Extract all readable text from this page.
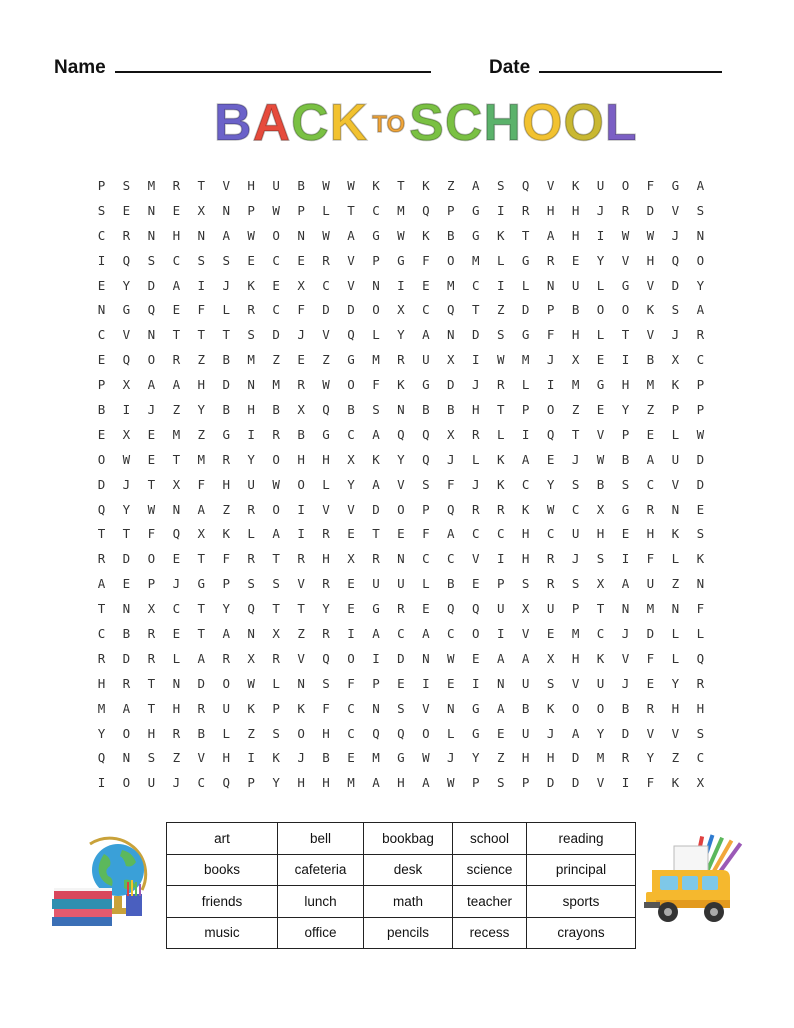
Name	Date
BACK TOSCHOOL
P	S	M	R	T	V	H	U	B	W	W	K	T	K	Z	A	S	Q	V	K	U	O	F	G	A
S	E	N	E	X	N	P	W	P	L	T	C	M	Q	P	G	I	R	H	H	J	R	D	V	S
C	R	N	H	N	A	W	O	N	W	A	G	W	K	B	G	K	T	A	H	I	W	W	J	N
I	Q	S	C	S	S	E	C	E	R	V	P	G	F	O	M	L	G	R	E	Y	V	H	Q	O
E	Y	D	A	I	J	K	E	X	C	V	N	I	E	M	C	I	L	N	U	L	G	V	D	Y
N	G	Q	E	F	L	R	C	F	D	D	O	X	C	Q	T	Z	D	P	B	O	O	K	S	A
C	V	N	T	T	T	S	D	J	V	Q	L	Y	A	N	D	S	G	F	H	L	T	V	J	R
E	Q	O	R	Z	B	M	Z	E	Z	G	M	R	U	X	I	W	M	J	X	E	I	B	X	C
P	X	A	A	H	D	N	M	R	W	O	F	K	G	D	J	R	L	I	M	G	H	M	K	P
B	I	J	Z	Y	B	H	B	X	Q	B	S	N	B	B	H	T	P	O	Z	E	Y	Z	P	P
E	X	E	M	Z	G	I	R	B	G	C	A	Q	Q	X	R	L	I	Q	T	V	P	E	L	W
O	W	E	T	M	R	Y	O	H	H	X	K	Y	Q	J	L	K	A	E	J	W	B	A	U	D
D	J	T	X	F	H	U	W	O	L	Y	A	V	S	F	J	K	C	Y	S	B	S	C	V	D
Q	Y	W	N	A	Z	R	O	I	V	V	D	O	P	Q	R	R	K	W	C	X	G	R	N	E
T	T	F	Q	X	K	L	A	I	R	E	T	E	F	A	C	C	H	C	U	H	E	H	K	S
R	D	O	E	T	F	R	T	R	H	X	R	N	C	C	V	I	H	R	J	S	I	F	L	K
A	E	P	J	G	P	S	S	V	R	E	U	U	L	B	E	P	S	R	S	X	A	U	Z	N
T	N	X	C	T	Y	Q	T	T	Y	E	G	R	E	Q	Q	U	X	U	P	T	N	M	N	F
C	B	R	E	T	A	N	X	Z	R	I	A	C	A	C	O	I	V	E	M	C	J	D	L	L
R	D	R	L	A	R	X	R	V	Q	O	I	D	N	W	E	A	A	X	H	K	V	F	L	Q
H	R	T	N	D	O	W	L	N	S	F	P	E	I	E	I	N	U	S	V	U	J	E	Y	R
M	A	T	H	R	U	K	P	K	F	C	N	S	V	N	G	A	B	K	O	O	B	R	H	H
Y	O	H	R	B	L	Z	S	O	H	C	Q	Q	O	L	G	E	U	J	A	Y	D	V	V	S
Q	N	S	Z	V	H	I	K	J	B	E	M	G	W	J	Y	Z	H	H	D	M	R	Y	Z	C
I	O	U	J	C	Q	P	Y	H	H	M	A	H	A	W	P	S	P	D	D	V	I	F	K	X
art	bell	bookbag	school	reading
books	cafeteria	desk	science	principal
friends	lunch	math	teacher	sports
music	office	pencils	recess	crayons
